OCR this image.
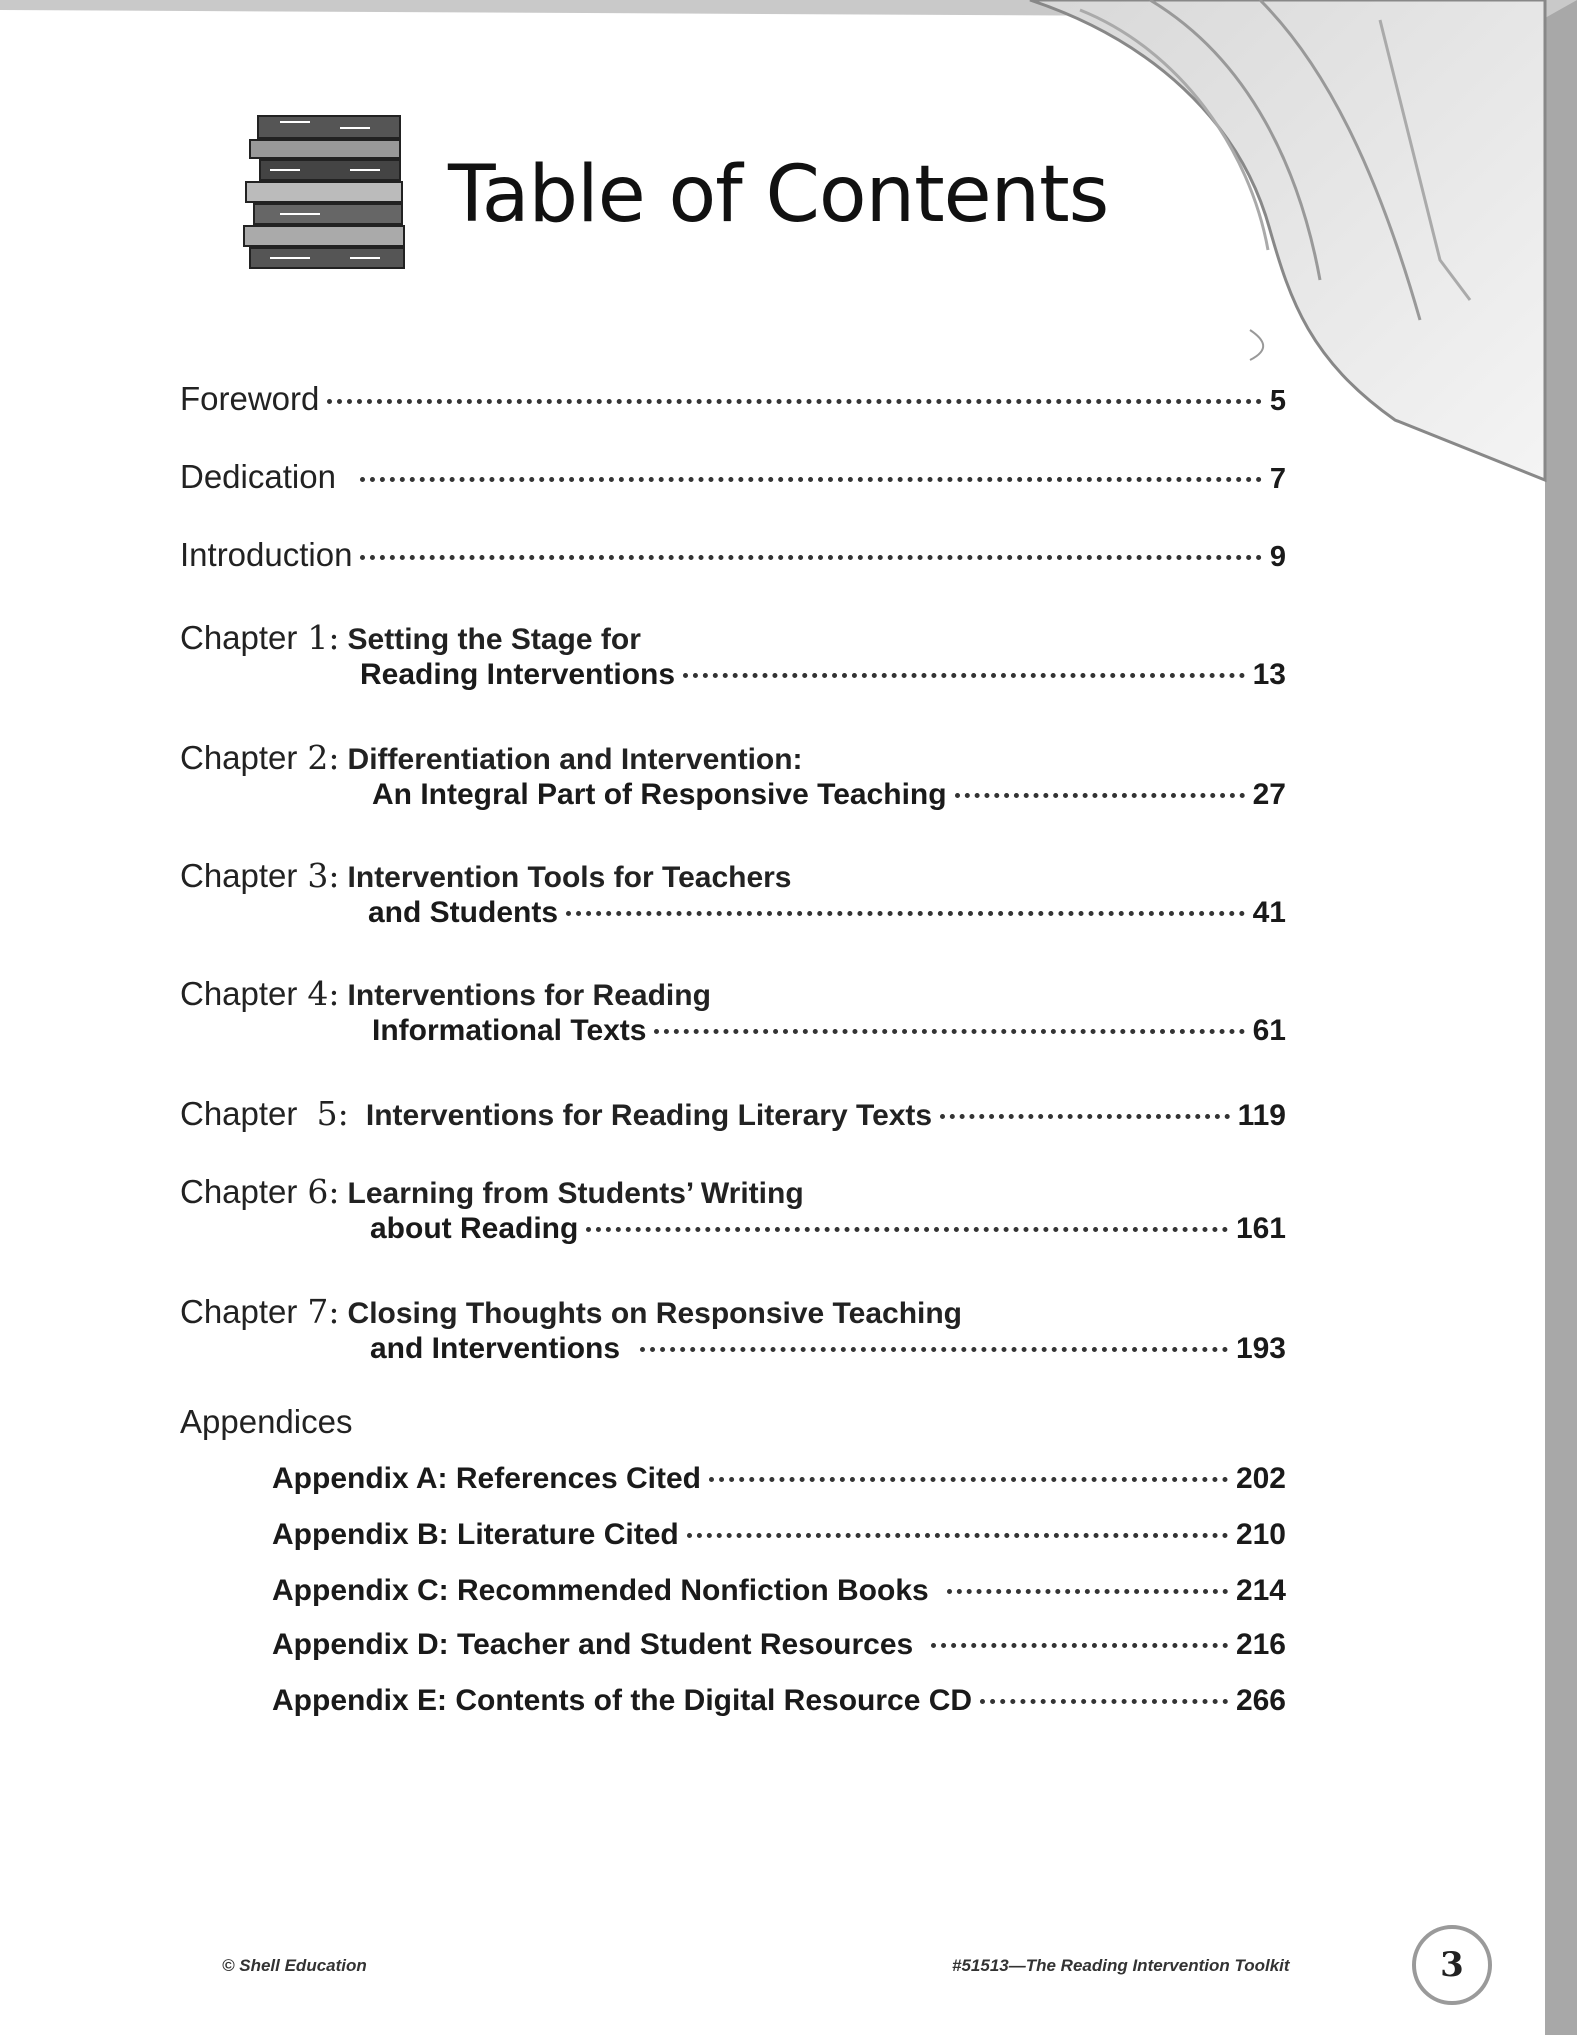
Table of Contents
Foreword	5
Dedication	7
Introduction	9
Chapter 1: Setting the Stage for
Reading Interventions	13
Chapter 2: Differentiation and Intervention:
An Integral Part of Responsive Teaching	27
Chapter 3: Intervention Tools for Teachers
and Students	41
Chapter 4: Interventions for Reading
Informational Texts	61
Chapter 5: Interventions for Reading Literary Texts	119
Chapter 6: Learning from Students’ Writing
about Reading	161
Chapter 7: Closing Thoughts on Responsive Teaching
and Interventions	193
Appendices
Appendix A: References Cited	202
Appendix B: Literature Cited	210
Appendix C: Recommended Nonfiction Books	214
Appendix D: Teacher and Student Resources	216
Appendix E: Contents of the Digital Resource CD	266
© Shell Education	#51513—The Reading Intervention Toolkit	3
